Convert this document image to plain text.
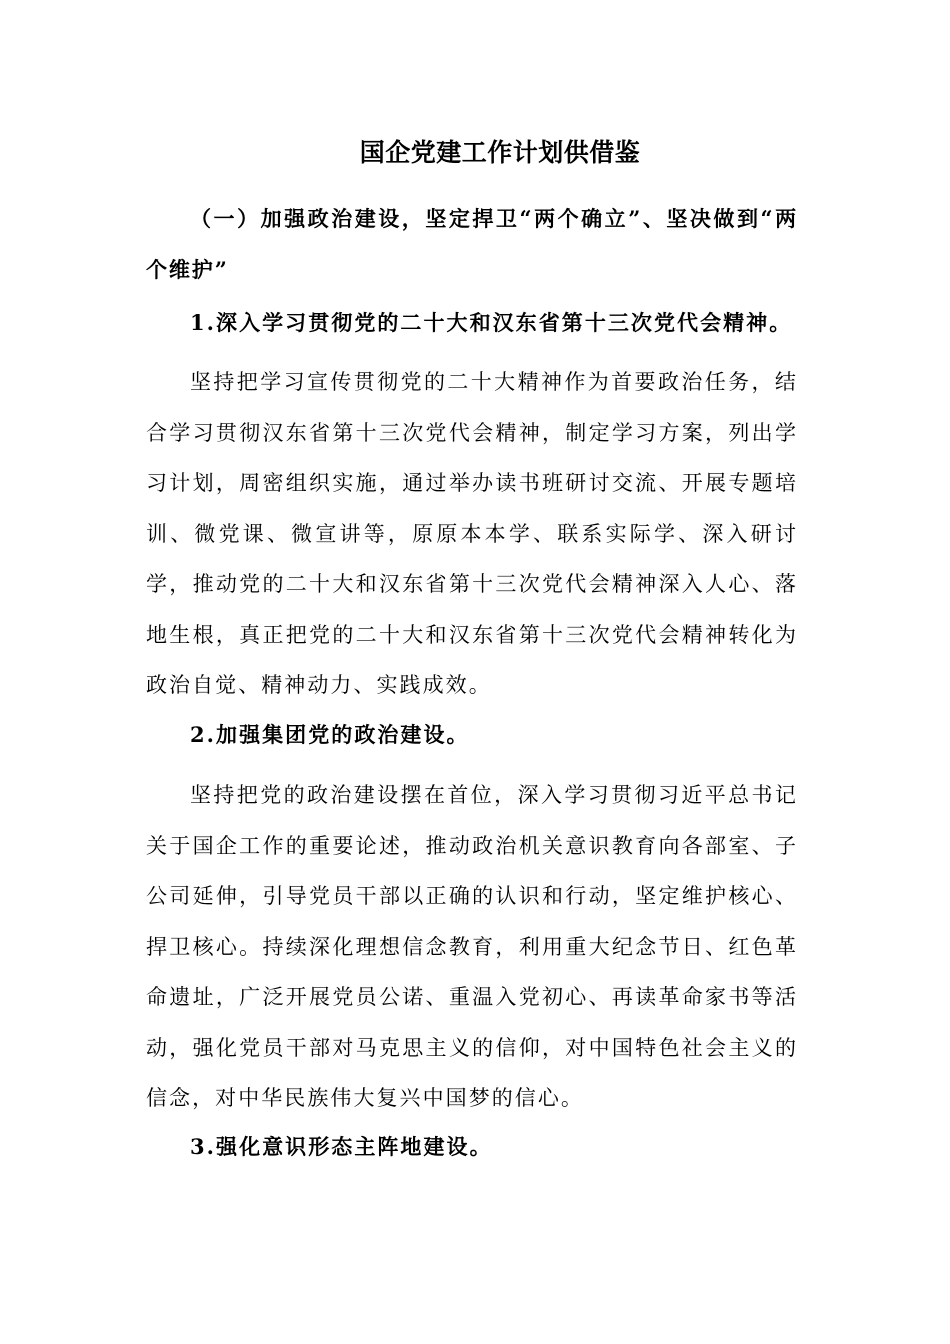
国企党建工作计划供借鉴

（一）加强政治建设，坚定捍卫“两个确立”、坚决做到“两个维护”

1.深入学习贯彻党的二十大和汉东省第十三次党代会精神。

坚持把学习宣传贯彻党的二十大精神作为首要政治任务，结合学习贯彻汉东省第十三次党代会精神，制定学习方案，列出学习计划，周密组织实施，通过举办读书班研讨交流、开展专题培训、微党课、微宣讲等，原原本本学、联系实际学、深入研讨学，推动党的二十大和汉东省第十三次党代会精神深入人心、落地生根，真正把党的二十大和汉东省第十三次党代会精神转化为政治自觉、精神动力、实践成效。

2.加强集团党的政治建设。

坚持把党的政治建设摆在首位，深入学习贯彻习近平总书记关于国企工作的重要论述，推动政治机关意识教育向各部室、子公司延伸，引导党员干部以正确的认识和行动，坚定维护核心、捍卫核心。持续深化理想信念教育，利用重大纪念节日、红色革命遗址，广泛开展党员公诺、重温入党初心、再读革命家书等活动，强化党员干部对马克思主义的信仰，对中国特色社会主义的信念，对中华民族伟大复兴中国梦的信心。

3.强化意识形态主阵地建设。
